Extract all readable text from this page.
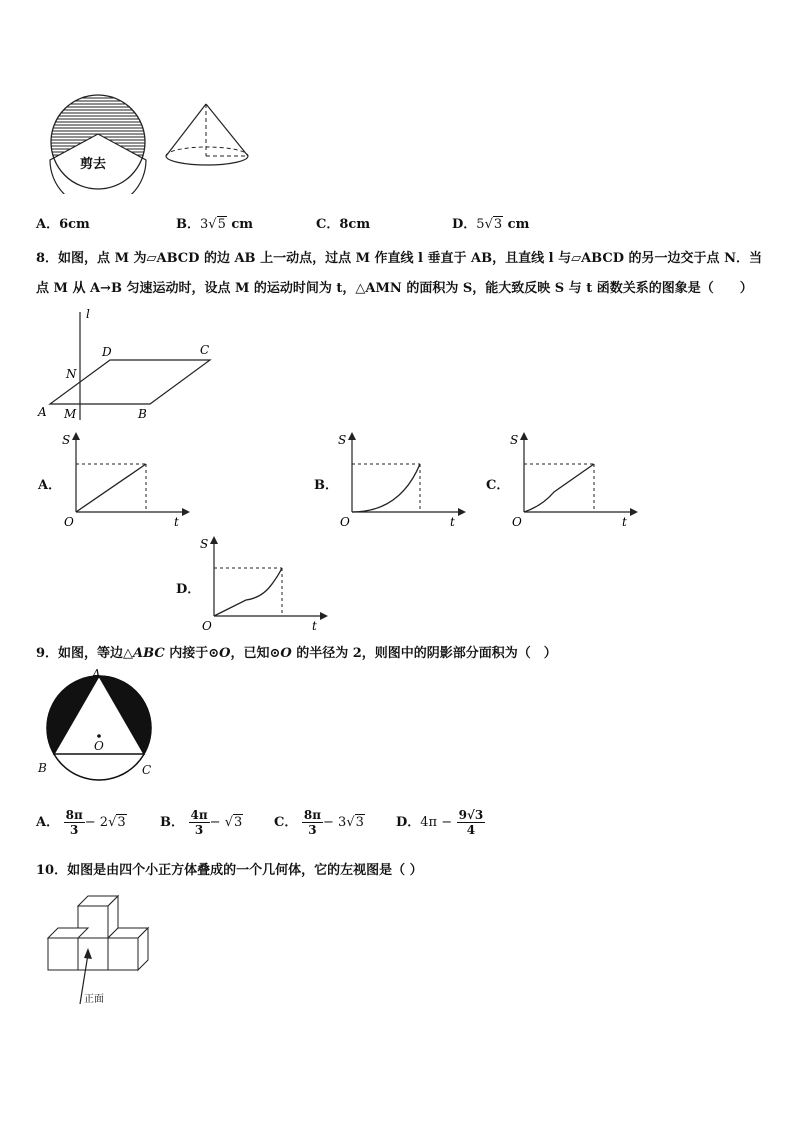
剪去
A．6cm	B．3√5 cm	C．8cm	D．5√3 cm
8．如图，点 M 为▱ABCD 的边 AB 上一动点，过点 M 作直线 l 垂直于 AB，且直线 l 与▱ABCD 的另一边交于点 N．当
点 M 从 A→B 匀速运动时，设点 M 的运动时间为 t，△AMN 的面积为 S，能大致反映 S 与 t 函数关系的图象是（　　）
l
D	C
N
A M	B
A．
S
O	t
B．
S
O	t
C．
S
O	t
D．
S
O	t
9．如图，等边△ABC 内接于⊙O，已知⊙O 的半径为 2，则图中的阴影部分面积为（　）
A
B	C
O
A． $\frac{8\pi}{3} - 2√3$	B． $\frac{4\pi}{3} - √3$ C． $\frac{8\pi}{3} - 3√3$ D．$4\pi - \frac{9√3}{4}$
10．如图是由四个小正方体叠成的一个几何体，它的左视图是（ ）
正面
